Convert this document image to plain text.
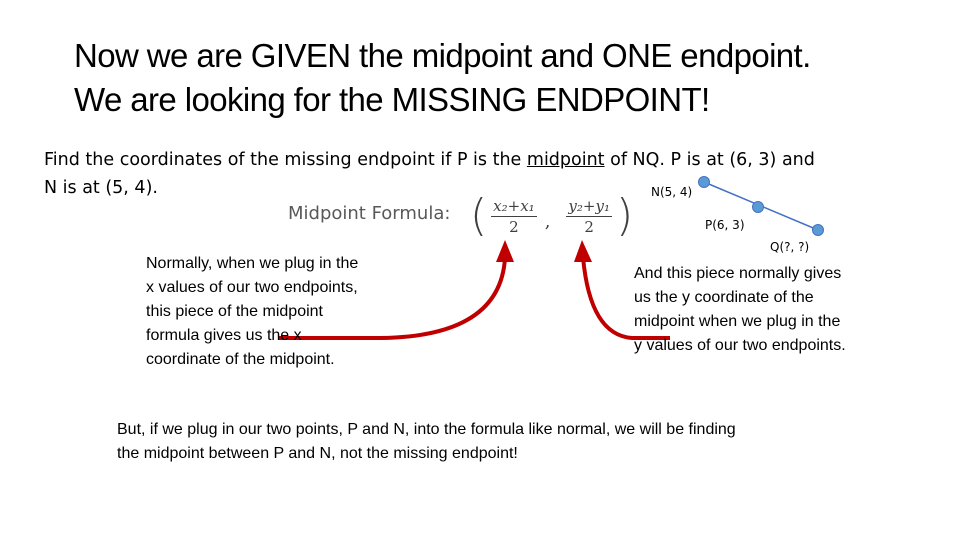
Now we are GIVEN the midpoint and ONE endpoint.
We are looking for the MISSING ENDPOINT!
Find the coordinates of the missing endpoint if P is the midpoint of NQ. P is at (6, 3) and
N is at (5, 4).
Midpoint Formula: ( $\frac{\text{x₂+x₁}}{2}$ , $\frac{\text{y₂+y₁}}{2}$ ) N(5, 4)
P(6, 3)
Q(?, ?)
Normally, when we plug in the
x values of our two endpoints,
this piece of the midpoint
formula gives us the x
coordinate of the midpoint.
And this piece normally gives
us the y coordinate of the
midpoint when we plug in the
y values of our two endpoints.
But, if we plug in our two points, P and N, into the formula like normal, we will be finding
the midpoint between P and N, not the missing endpoint!
